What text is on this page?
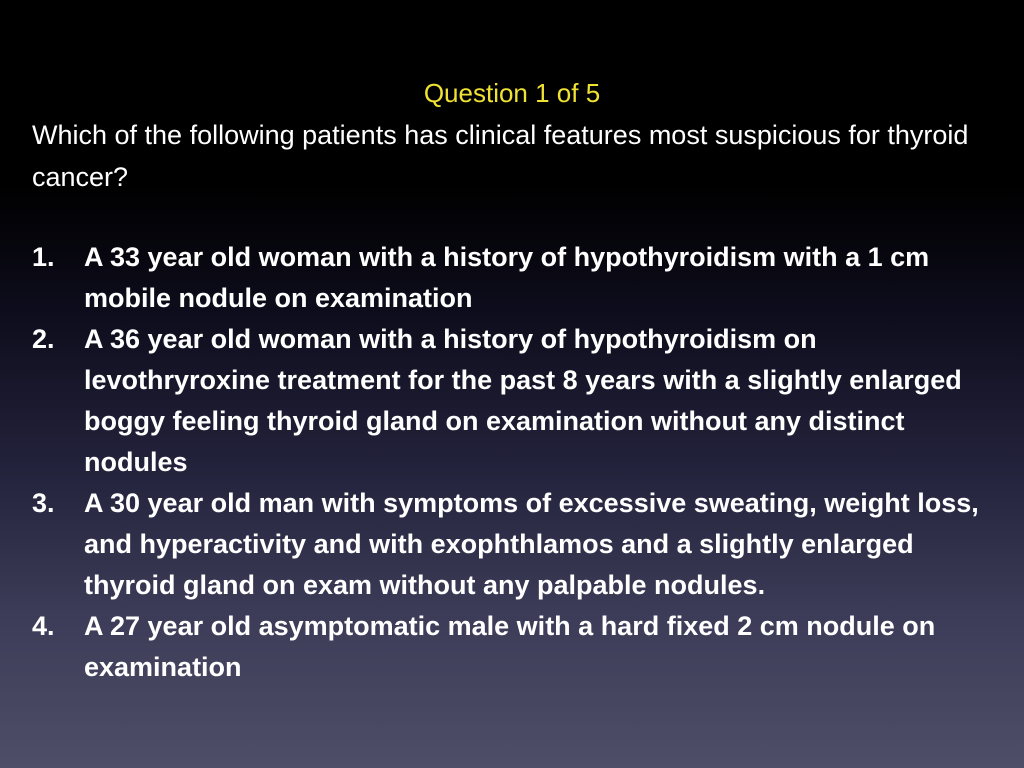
Question 1 of 5
Which of the following patients has clinical features most suspicious for thyroid cancer?
1.	A 33 year old woman with a history of hypothyroidism with a 1 cm mobile nodule on examination
2.	A 36 year old woman with a history of hypothyroidism on levothryroxine treatment for the past 8 years with a slightly enlarged boggy feeling thyroid gland on examination without any distinct nodules
3.	A 30 year old man with symptoms of excessive sweating, weight loss, and hyperactivity and with exophthlamos and a slightly enlarged thyroid gland on exam without any palpable nodules.
4.	A 27 year old asymptomatic male with a hard fixed 2 cm nodule on examination
